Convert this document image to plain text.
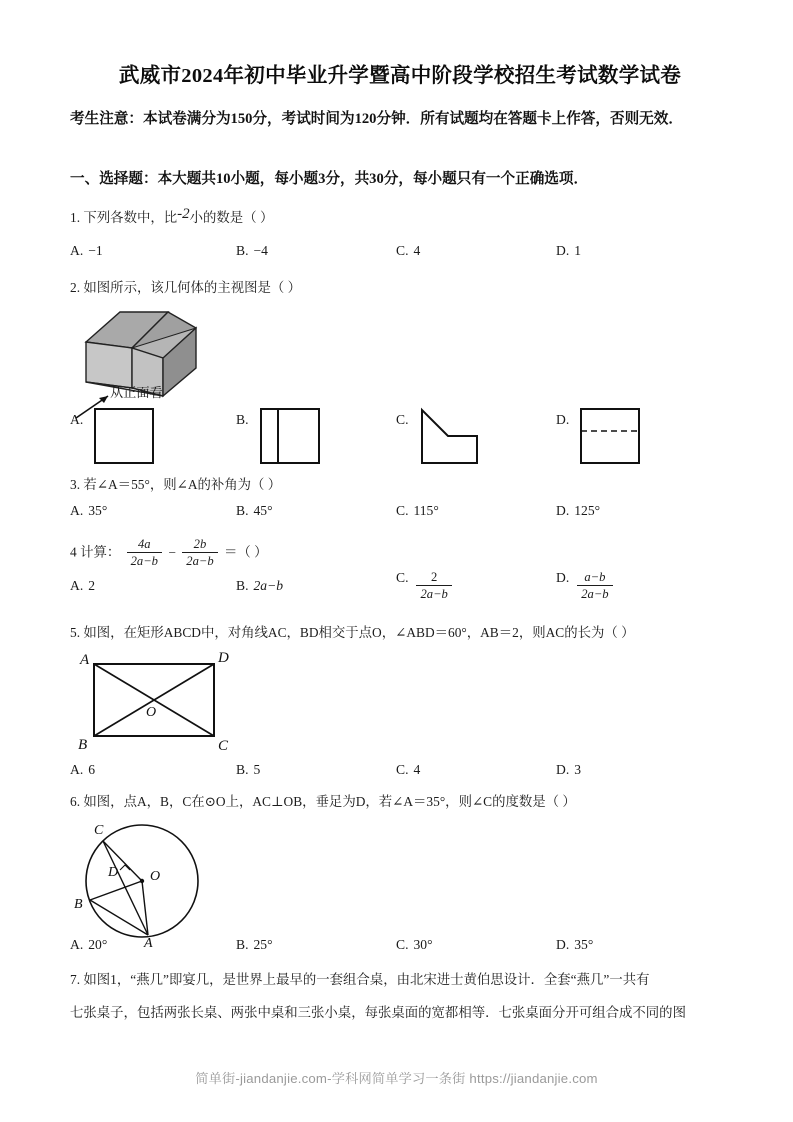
武威市2024年初中毕业升学暨高中阶段学校招生考试数学试卷
考生注意：本试卷满分为150分，考试时间为120分钟．所有试题均在答题卡上作答，否则无效．
一、选择题：本大题共10小题，每小题3分，共30分，每小题只有一个正确选项．
1. 下列各数中，比-2小的数是（ ）
A. −1	B. −4	C. 4	D. 1
2. 如图所示，该几何体的主视图是（ ）
从正面看
A.	B.	C.	D.
3. 若∠A＝55°，则∠A的补角为（ ）
A. 35°	B. 45°	C. 115°	D. 125°
4 计算： $\frac{4a}{2a-b} - \frac{2b}{2a-b}$ ＝（ ）
A. 2	B. 2a−b
C. $\frac{2}{2a-b}$	D. $\frac{a-b}{2a-b}$
5. 如图，在矩形ABCD中，对角线AC，BD相交于点O，∠ABD＝60°，AB＝2，则AC的长为（ ）
A	D
B	C
O
A. 6	B. 5	C. 4	D. 3
6. 如图，点A，B，C在⊙O上，AC⊥OB，垂足为D，若∠A＝35°，则∠C的度数是（ ）
C
B
A
D O
A. 20°	B. 25°	C. 30°	D. 35°
7. 如图1，“燕几”即宴几，是世界上最早的一套组合桌，由北宋进士黄伯思设计．全套“燕几”一共有
七张桌子，包括两张长桌、两张中桌和三张小桌，每张桌面的宽都相等．七张桌面分开可组合成不同的图
简单街-jiandanjie.com-学科网简单学习一条街 https://jiandanjie.com
